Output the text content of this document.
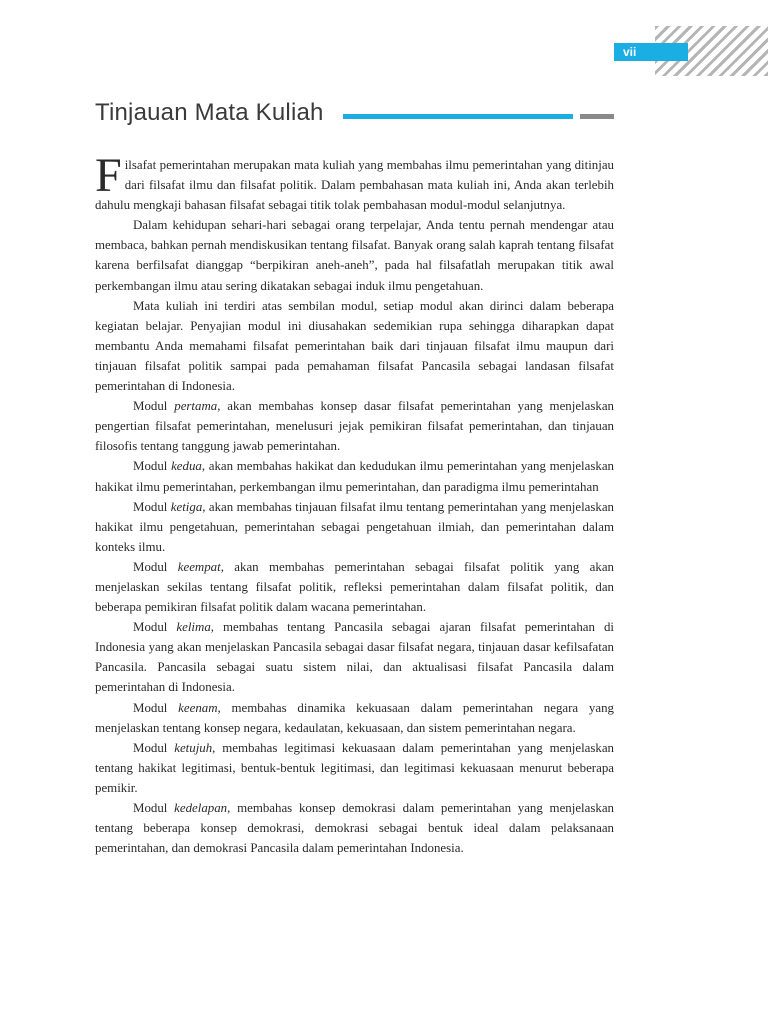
vii
Tinjauan Mata Kuliah

Filsafat pemerintahan merupakan mata kuliah yang membahas ilmu pemerintahan yang ditinjau dari filsafat ilmu dan filsafat politik. Dalam pembahasan mata kuliah ini, Anda akan terlebih dahulu mengkaji bahasan filsafat sebagai titik tolak pembahasan modul-modul selanjutnya.

Dalam kehidupan sehari-hari sebagai orang terpelajar, Anda tentu pernah mendengar atau membaca, bahkan pernah mendiskusikan tentang filsafat. Banyak orang salah kaprah tentang filsafat karena berfilsafat dianggap “berpikiran aneh-aneh”, pada hal filsafatlah merupakan titik awal perkembangan ilmu atau sering dikatakan sebagai induk ilmu pengetahuan.

Mata kuliah ini terdiri atas sembilan modul, setiap modul akan dirinci dalam beberapa kegiatan belajar. Penyajian modul ini diusahakan sedemikian rupa sehingga diharapkan dapat membantu Anda memahami filsafat pemerintahan baik dari tinjauan filsafat ilmu maupun dari tinjauan filsafat politik sampai pada pemahaman filsafat Pancasila sebagai landasan filsafat pemerintahan di Indonesia.

Modul pertama, akan membahas konsep dasar filsafat pemerintahan yang menjelaskan pengertian filsafat pemerintahan, menelusuri jejak pemikiran filsafat pemerintahan, dan tinjauan filosofis tentang tanggung jawab pemerintahan.

Modul kedua, akan membahas hakikat dan kedudukan ilmu pemerintahan yang menjelaskan hakikat ilmu pemerintahan, perkembangan ilmu pemerintahan, dan paradigma ilmu pemerintahan

Modul ketiga, akan membahas tinjauan filsafat ilmu tentang pemerintahan yang menjelaskan hakikat ilmu pengetahuan, pemerintahan sebagai pengetahuan ilmiah, dan pemerintahan dalam konteks ilmu.

Modul keempat, akan membahas pemerintahan sebagai filsafat politik yang akan menjelaskan sekilas tentang filsafat politik, refleksi pemerintahan dalam filsafat politik, dan beberapa pemikiran filsafat politik dalam wacana pemerintahan.

Modul kelima, membahas tentang Pancasila sebagai ajaran filsafat pemerintahan di Indonesia yang akan menjelaskan Pancasila sebagai dasar filsafat negara, tinjauan dasar kefilsafatan Pancasila. Pancasila sebagai suatu sistem nilai, dan aktualisasi filsafat Pancasila dalam pemerintahan di Indonesia.

Modul keenam, membahas dinamika kekuasaan dalam pemerintahan negara yang menjelaskan tentang konsep negara, kedaulatan, kekuasaan, dan sistem pemerintahan negara.

Modul ketujuh, membahas legitimasi kekuasaan dalam pemerintahan yang menjelaskan tentang hakikat legitimasi, bentuk-bentuk legitimasi, dan legitimasi kekuasaan menurut beberapa pemikir.

Modul kedelapan, membahas konsep demokrasi dalam pemerintahan yang menjelaskan tentang beberapa konsep demokrasi, demokrasi sebagai bentuk ideal dalam pelaksanaan pemerintahan, dan demokrasi Pancasila dalam pemerintahan Indonesia.
